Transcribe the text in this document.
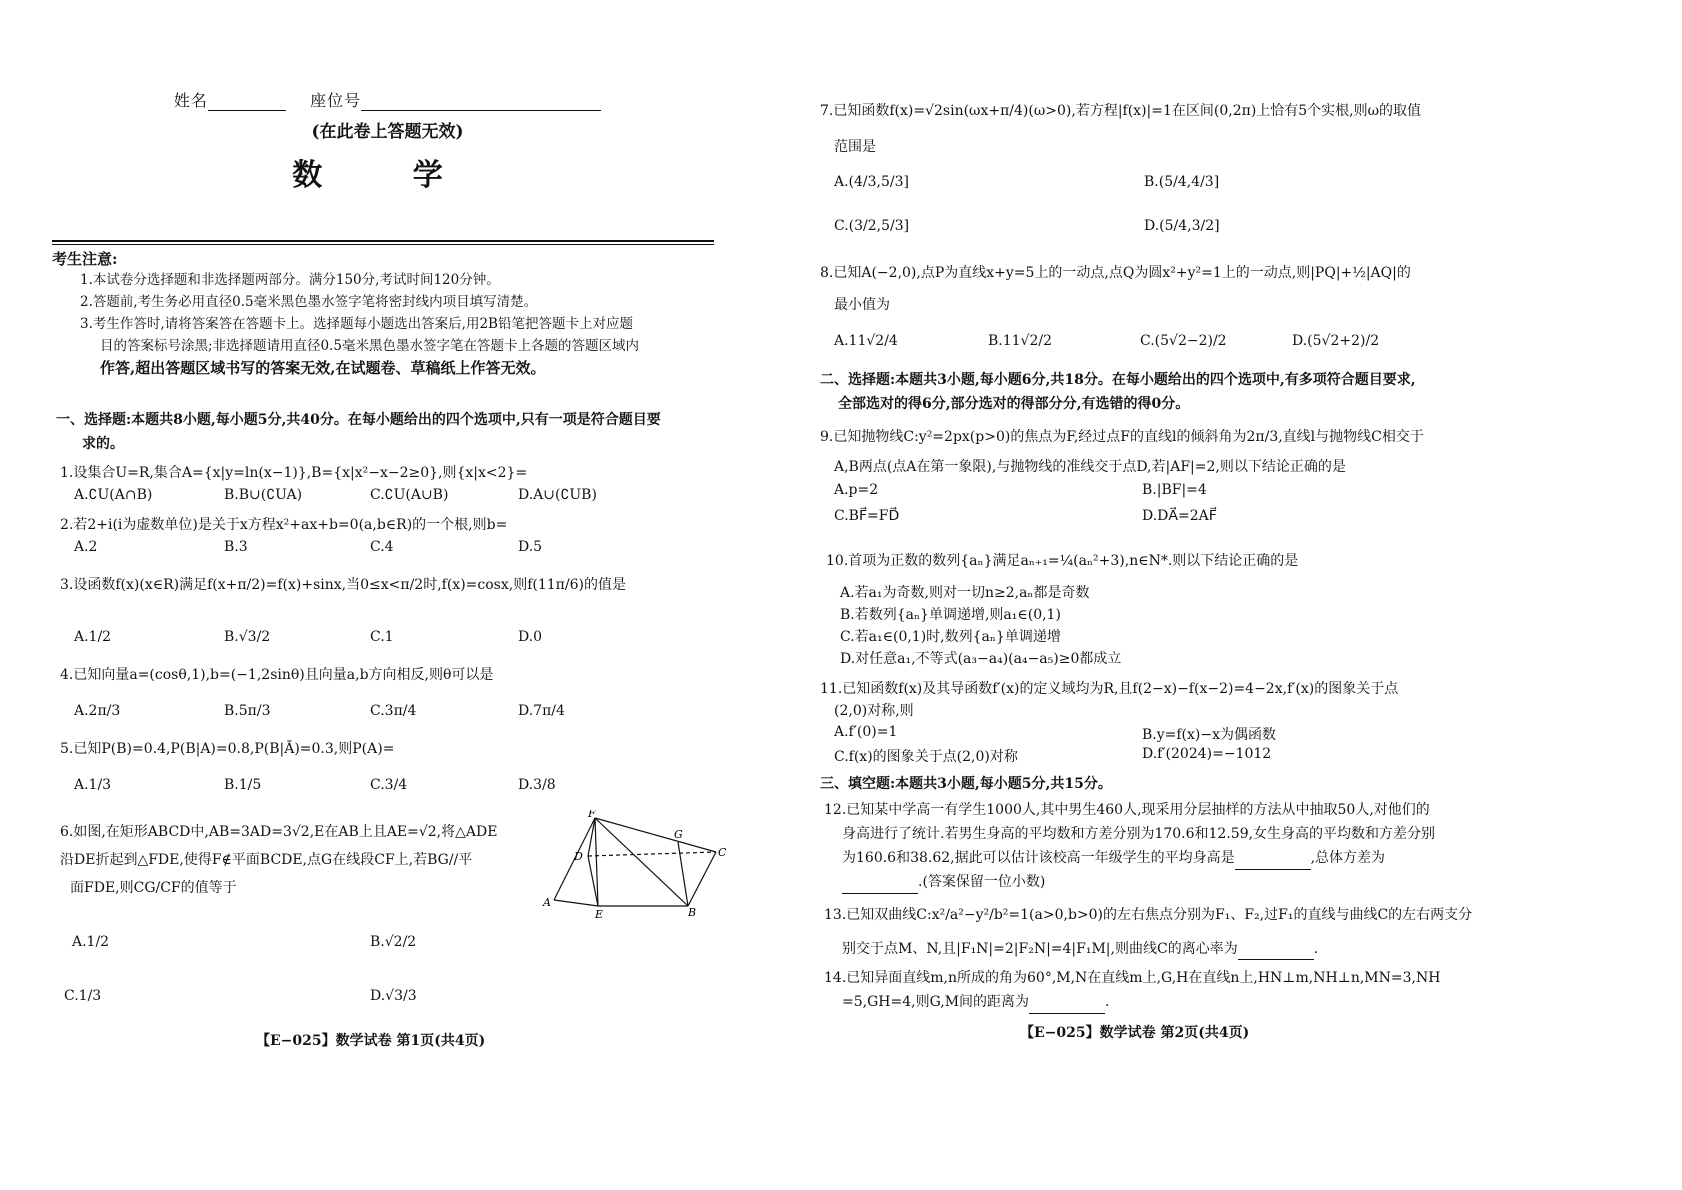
姓名	座位号
(在此卷上答题无效)
数 学
考生注意:
1.本试卷分选择题和非选择题两部分。满分150分,考试时间120分钟。
2.答题前,考生务必用直径0.5毫米黑色墨水签字笔将密封线内项目填写清楚。
3.考生作答时,请将答案答在答题卡上。选择题每小题选出答案后,用2B铅笔把答题卡上对应题
目的答案标号涂黑;非选择题请用直径0.5毫米黑色墨水签字笔在答题卡上各题的答题区域内
作答,超出答题区域书写的答案无效,在试题卷、草稿纸上作答无效。
一、选择题:本题共8小题,每小题5分,共40分。在每小题给出的四个选项中,只有一项是符合题目要
求的。
1.设集合U=R,集合A={x|y=ln(x−1)},B={x|x²−x−2≥0},则{x|x<2}=
A.∁U(A∩B)	B.B∪(∁UA)	C.∁U(A∪B)	D.A∪(∁UB)
2.若2+i(i为虚数单位)是关于x方程x²+ax+b=0(a,b∈R)的一个根,则b=
A.2	B.3	C.4	D.5
3.设函数f(x)(x∈R)满足f(x+π/2)=f(x)+sinx,当0≤x<π/2时,f(x)=cosx,则f(11π/6)的值是
A.1/2	B.√3/2	C.1	D.0
4.已知向量a=(cosθ,1),b=(−1,2sinθ)且向量a,b方向相反,则θ可以是
A.2π/3	B.5π/3	C.3π/4	D.7π/4
5.已知P(B)=0.4,P(B|A)=0.8,P(B|Ā)=0.3,则P(A)=
A.1/3	B.1/5	C.3/4	D.3/8
6.如图,在矩形ABCD中,AB=3AD=3√2,E在AB上且AE=√2,将△ADE
沿DE折起到△FDE,使得F∉平面BCDE,点G在线段CF上,若BG//平
面FDE,则CG/CF的值等于
F
G
C
D
A
E	B
A.1/2	B.√2/2
C.1/3	D.√3/3
【E−025】数学试卷 第1页(共4页)
7.已知函数f(x)=√2sin(ωx+π/4)(ω>0),若方程|f(x)|=1在区间(0,2π)上恰有5个实根,则ω的取值
范围是
A.(4/3,5/3]	B.(5/4,4/3]
C.(3/2,5/3]	D.(5/4,3/2]
8.已知A(−2,0),点P为直线x+y=5上的一动点,点Q为圆x²+y²=1上的一动点,则|PQ|+½|AQ|的
最小值为
A.11√2/4	B.11√2/2	C.(5√2−2)/2	D.(5√2+2)/2
二、选择题:本题共3小题,每小题6分,共18分。在每小题给出的四个选项中,有多项符合题目要求,
全部选对的得6分,部分选对的得部分分,有选错的得0分。
9.已知抛物线C:y²=2px(p>0)的焦点为F,经过点F的直线l的倾斜角为2π/3,直线l与抛物线C相交于
A,B两点(点A在第一象限),与抛物线的准线交于点D,若|AF|=2,则以下结论正确的是
A.p=2	B.|BF|=4
C.BF⃗=FD⃗	D.DA⃗=2AF⃗
10.首项为正数的数列{aₙ}满足aₙ₊₁=¼(aₙ²+3),n∈N*.则以下结论正确的是
A.若a₁为奇数,则对一切n≥2,aₙ都是奇数
B.若数列{aₙ}单调递增,则a₁∈(0,1)
C.若a₁∈(0,1)时,数列{aₙ}单调递增
D.对任意a₁,不等式(a₃−a₄)(a₄−a₅)≥0都成立
11.已知函数f(x)及其导函数f′(x)的定义域均为R,且f(2−x)−f(x−2)=4−2x,f′(x)的图象关于点
(2,0)对称,则
A.f′(0)=1	B.y=f(x)−x为偶函数
C.f(x)的图象关于点(2,0)对称	D.f′(2024)=−1012
三、填空题:本题共3小题,每小题5分,共15分。
12.已知某中学高一有学生1000人,其中男生460人,现采用分层抽样的方法从中抽取50人,对他们的
身高进行了统计.若男生身高的平均数和方差分别为170.6和12.59,女生身高的平均数和方差分别
为160.6和38.62,据此可以估计该校高一年级学生的平均身高是	,总体方差为
.(答案保留一位小数)
13.已知双曲线C:x²/a²−y²/b²=1(a>0,b>0)的左右焦点分别为F₁、F₂,过F₁的直线与曲线C的左右两支分
别交于点M、N,且|F₁N|=2|F₂N|=4|F₁M|,则曲线C的离心率为	.
14.已知异面直线m,n所成的角为60°,M,N在直线m上,G,H在直线n上,HN⊥m,NH⊥n,MN=3,NH
=5,GH=4,则G,M间的距离为	.
【E−025】数学试卷 第2页(共4页)
